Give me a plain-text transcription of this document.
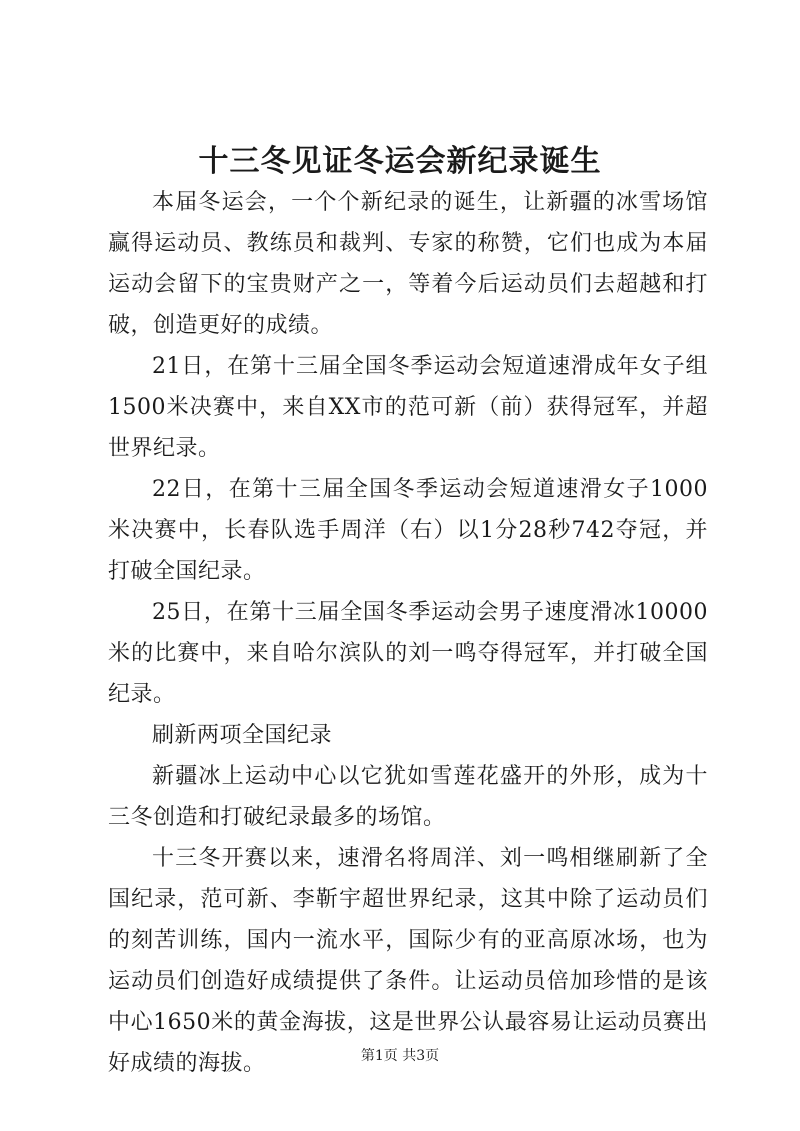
十三冬见证冬运会新纪录诞生

本届冬运会，一个个新纪录的诞生，让新疆的冰雪场馆赢得运动员、教练员和裁判、专家的称赞，它们也成为本届运动会留下的宝贵财产之一，等着今后运动员们去超越和打破，创造更好的成绩。

21日，在第十三届全国冬季运动会短道速滑成年女子组1500米决赛中，来自XX市的范可新（前）获得冠军，并超世界纪录。

22日，在第十三届全国冬季运动会短道速滑女子1000米决赛中，长春队选手周洋（右）以1分28秒742夺冠，并打破全国纪录。

25日，在第十三届全国冬季运动会男子速度滑冰10000米的比赛中，来自哈尔滨队的刘一鸣夺得冠军，并打破全国纪录。

刷新两项全国纪录

新疆冰上运动中心以它犹如雪莲花盛开的外形，成为十三冬创造和打破纪录最多的场馆。

十三冬开赛以来，速滑名将周洋、刘一鸣相继刷新了全国纪录，范可新、李靳宇超世界纪录，这其中除了运动员们的刻苦训练，国内一流水平，国际少有的亚高原冰场，也为运动员们创造好成绩提供了条件。让运动员倍加珍惜的是该中心1650米的黄金海拔，这是世界公认最容易让运动员赛出好成绩的海拔。	第1页 共3页
